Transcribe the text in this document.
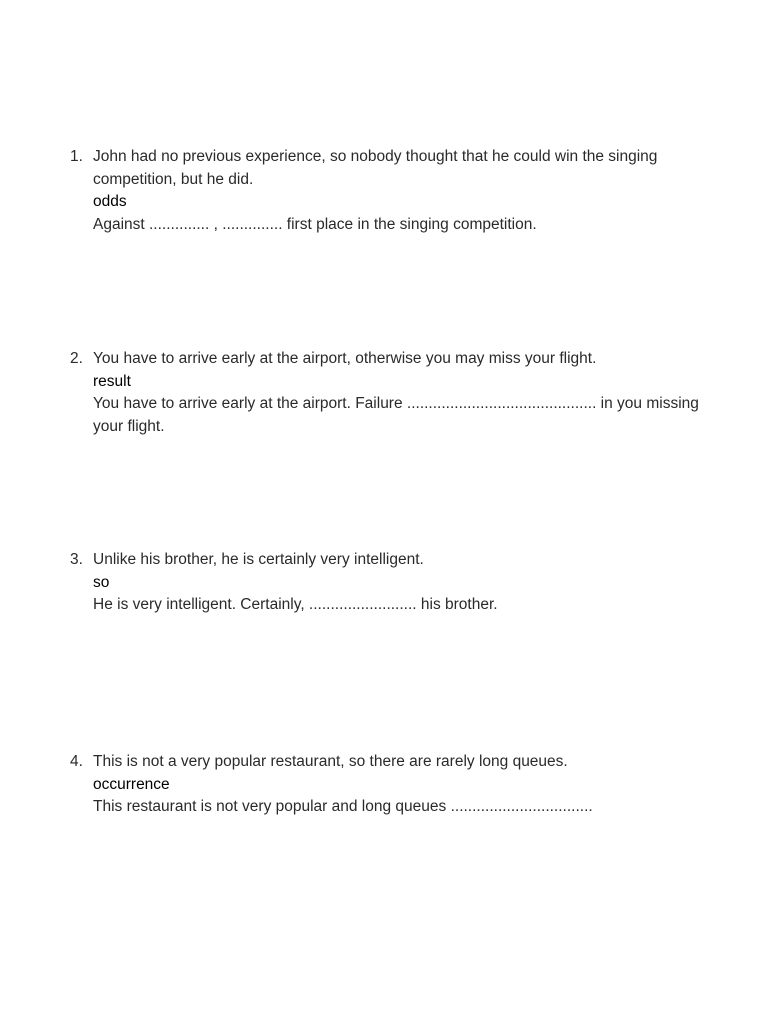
1. John had no previous experience, so nobody thought that he could win the singing competition, but he did.
odds
Against .............. , .............. first place in the singing competition.
2. You have to arrive early at the airport, otherwise you may miss your flight.
result
You have to arrive early at the airport. Failure ............................................ in you missing your flight.
3. Unlike his brother, he is certainly very intelligent.
so
He is very intelligent. Certainly, ......................... his brother.
4. This is not a very popular restaurant, so there are rarely long queues.
occurrence
This restaurant is not very popular and long queues .................................
